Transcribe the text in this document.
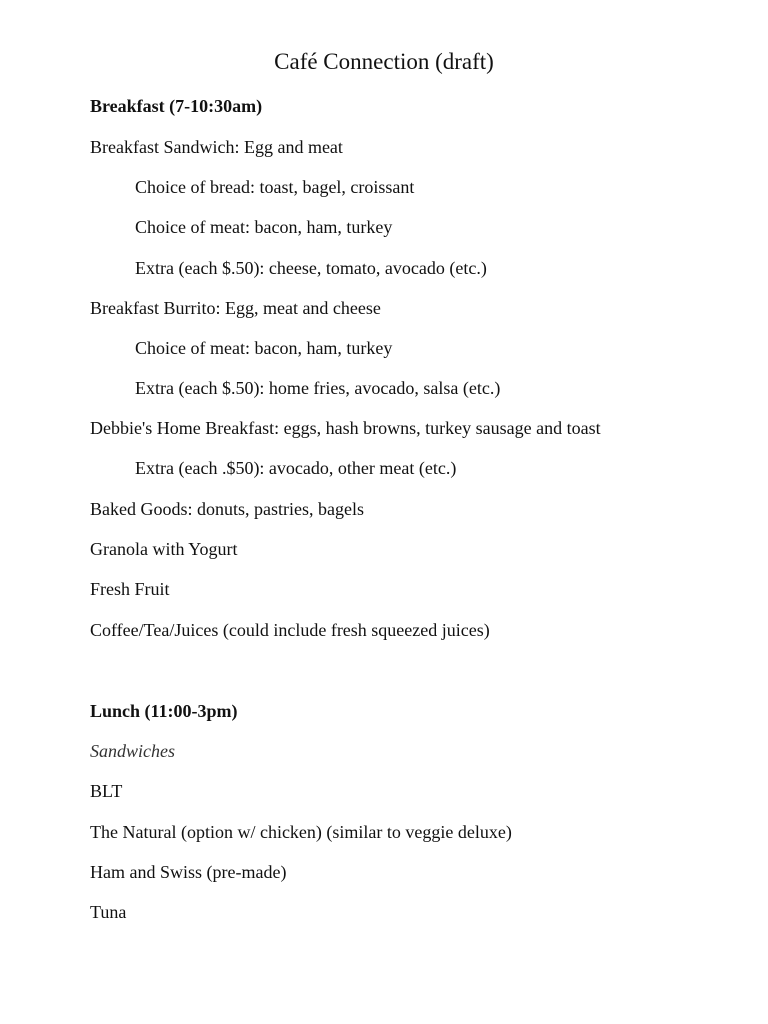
Café Connection (draft)
Breakfast (7-10:30am)
Breakfast Sandwich: Egg and meat
Choice of bread: toast, bagel, croissant
Choice of meat: bacon, ham, turkey
Extra (each $.50): cheese, tomato, avocado (etc.)
Breakfast Burrito: Egg, meat and cheese
Choice of meat: bacon, ham, turkey
Extra (each $.50): home fries, avocado, salsa (etc.)
Debbie's Home Breakfast: eggs, hash browns, turkey sausage and toast
Extra (each .$50): avocado, other meat (etc.)
Baked Goods: donuts, pastries, bagels
Granola with Yogurt
Fresh Fruit
Coffee/Tea/Juices (could include fresh squeezed juices)
Lunch (11:00-3pm)
Sandwiches
BLT
The Natural (option w/ chicken) (similar to veggie deluxe)
Ham and Swiss (pre-made)
Tuna
